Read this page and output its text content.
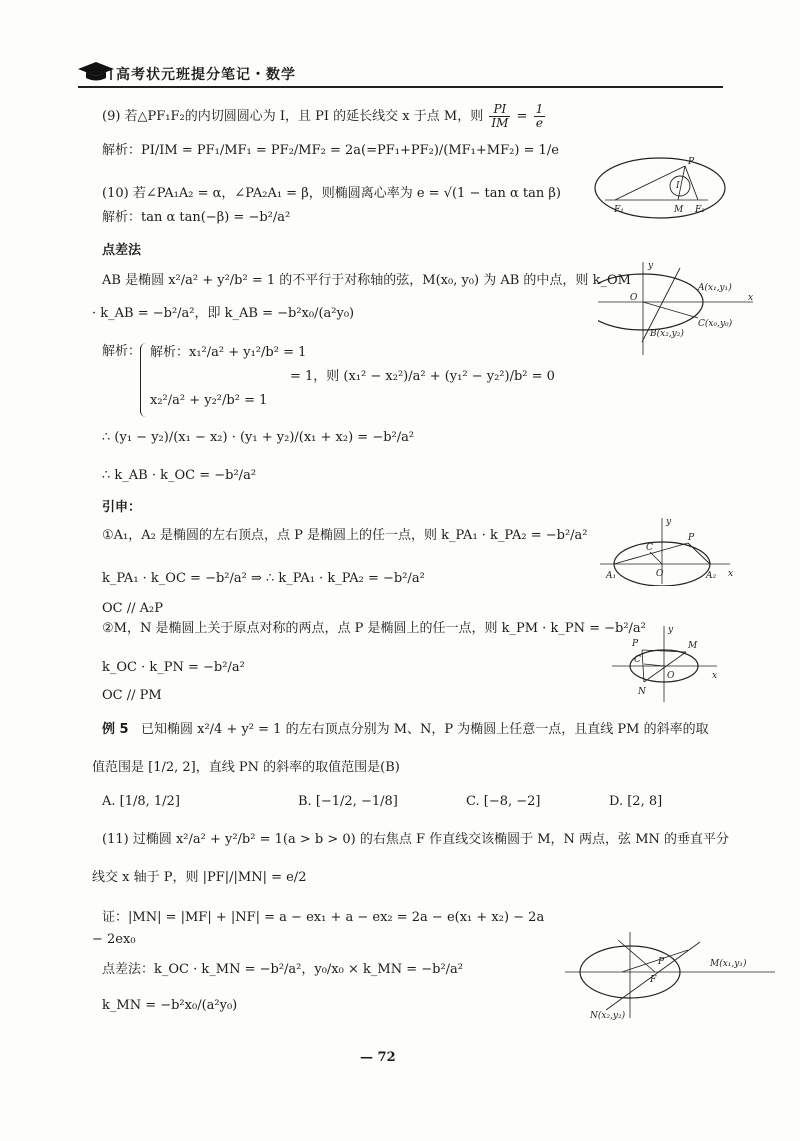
高考状元班提分笔记・数学
(9) 若△PF₁F₂的内切圆圆心为 I，且 PI 的延长线交 x 于点 M，则 $\frac{PI}{IM} = \frac{1}{e}$
解析：PI/IM = PF₁/MF₁ = PF₂/MF₂ = 2a(=PF₁+PF₂)/(MF₁+MF₂) = 1/e
(10) 若∠PA₁A₂ = α，∠PA₂A₁ = β，则椭圆离心率为 e = √(1 − tan α tan β)
解析：tan α tan(−β) = −b²/a²
点差法
AB 是椭圆 x²/a² + y²/b² = 1 的不平行于对称轴的弦，M(x₀, y₀) 为 AB 的中点，则 k_OM
· k_AB = −b²/a²，即 k_AB = −b²x₀/(a²y₀)
解析： 解析：x₁²/a² + y₁²/b² = 1
x₂²/a² + y₂²/b² = 1
= 1，则 (x₁² − x₂²)/a² + (y₁² − y₂²)/b² = 0
∴ (y₁ − y₂)/(x₁ − x₂) · (y₁ + y₂)/(x₁ + x₂) = −b²/a²
∴ k_AB · k_OC = −b²/a²
引申：
①A₁，A₂ 是椭圆的左右顶点，点 P 是椭圆上的任一点，则 k_PA₁ · k_PA₂ = −b²/a²
k_PA₁ · k_OC = −b²/a² ⇒ ∴ k_PA₁ · k_PA₂ = −b²/a²
OC // A₂P
②M，N 是椭圆上关于原点对称的两点，点 P 是椭圆上的任一点，则 k_PM · k_PN = −b²/a²
k_OC · k_PN = −b²/a²
OC // PM
例 5 已知椭圆 x²/4 + y² = 1 的左右顶点分别为 M、N，P 为椭圆上任意一点，且直线 PM 的斜率的取
值范围是 [1/2, 2]，直线 PN 的斜率的取值范围是(B)
A. [1/8, 1/2]	B. [−1/2, −1/8]	C. [−8, −2]	D. [2, 8]
(11) 过椭圆 x²/a² + y²/b² = 1(a > b > 0) 的右焦点 F 作直线交该椭圆于 M，N 两点，弦 MN 的垂直平分
线交 x 轴于 P，则 |PF|/|MN| = e/2
证：|MN| = |MF| + |NF| = a − ex₁ + a − ex₂ = 2a − e(x₁ + x₂) − 2a
− 2ex₀
点差法：k_OC · k_MN = −b²/a²，y₀/x₀ × k_MN = −b²/a²
k_MN = −b²x₀/(a²y₀)
P
I
F₁	M F₂
y
x
O
A(x₁,y₁)
C(x₀,y₀)
B(x₂,y₂)
y
x
P
C
O
A₁	A₂
y
x
P	M
C
O
N
P
F
M(x₁,y₁)
N(x₂,y₂)
— 72
